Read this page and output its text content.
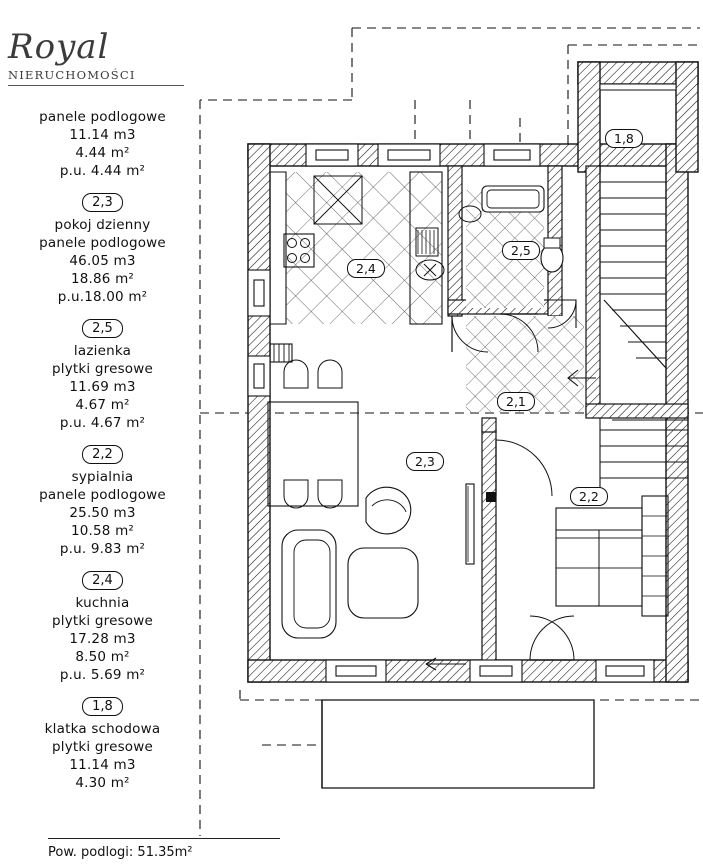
1,8
2,5
2,4
2,1
2,3
2,2
Royal
NIERUCHOMOŚCI
panele podlogowe
11.14 m3
4.44 m²
p.u. 4.44 m²
2,3
pokoj dzienny
panele podlogowe
46.05 m3
18.86 m²
p.u.18.00 m²
2,5
lazienka
plytki gresowe
11.69 m3
4.67 m²
p.u. 4.67 m²
2,2
sypialnia
panele podlogowe
25.50 m3
10.58 m²
p.u. 9.83 m²
2,4
kuchnia
plytki gresowe
17.28 m3
8.50 m²
p.u. 5.69 m²
1,8
klatka schodowa
plytki gresowe
11.14 m3
4.30 m²
Pow. podlogi: 51.35m²
